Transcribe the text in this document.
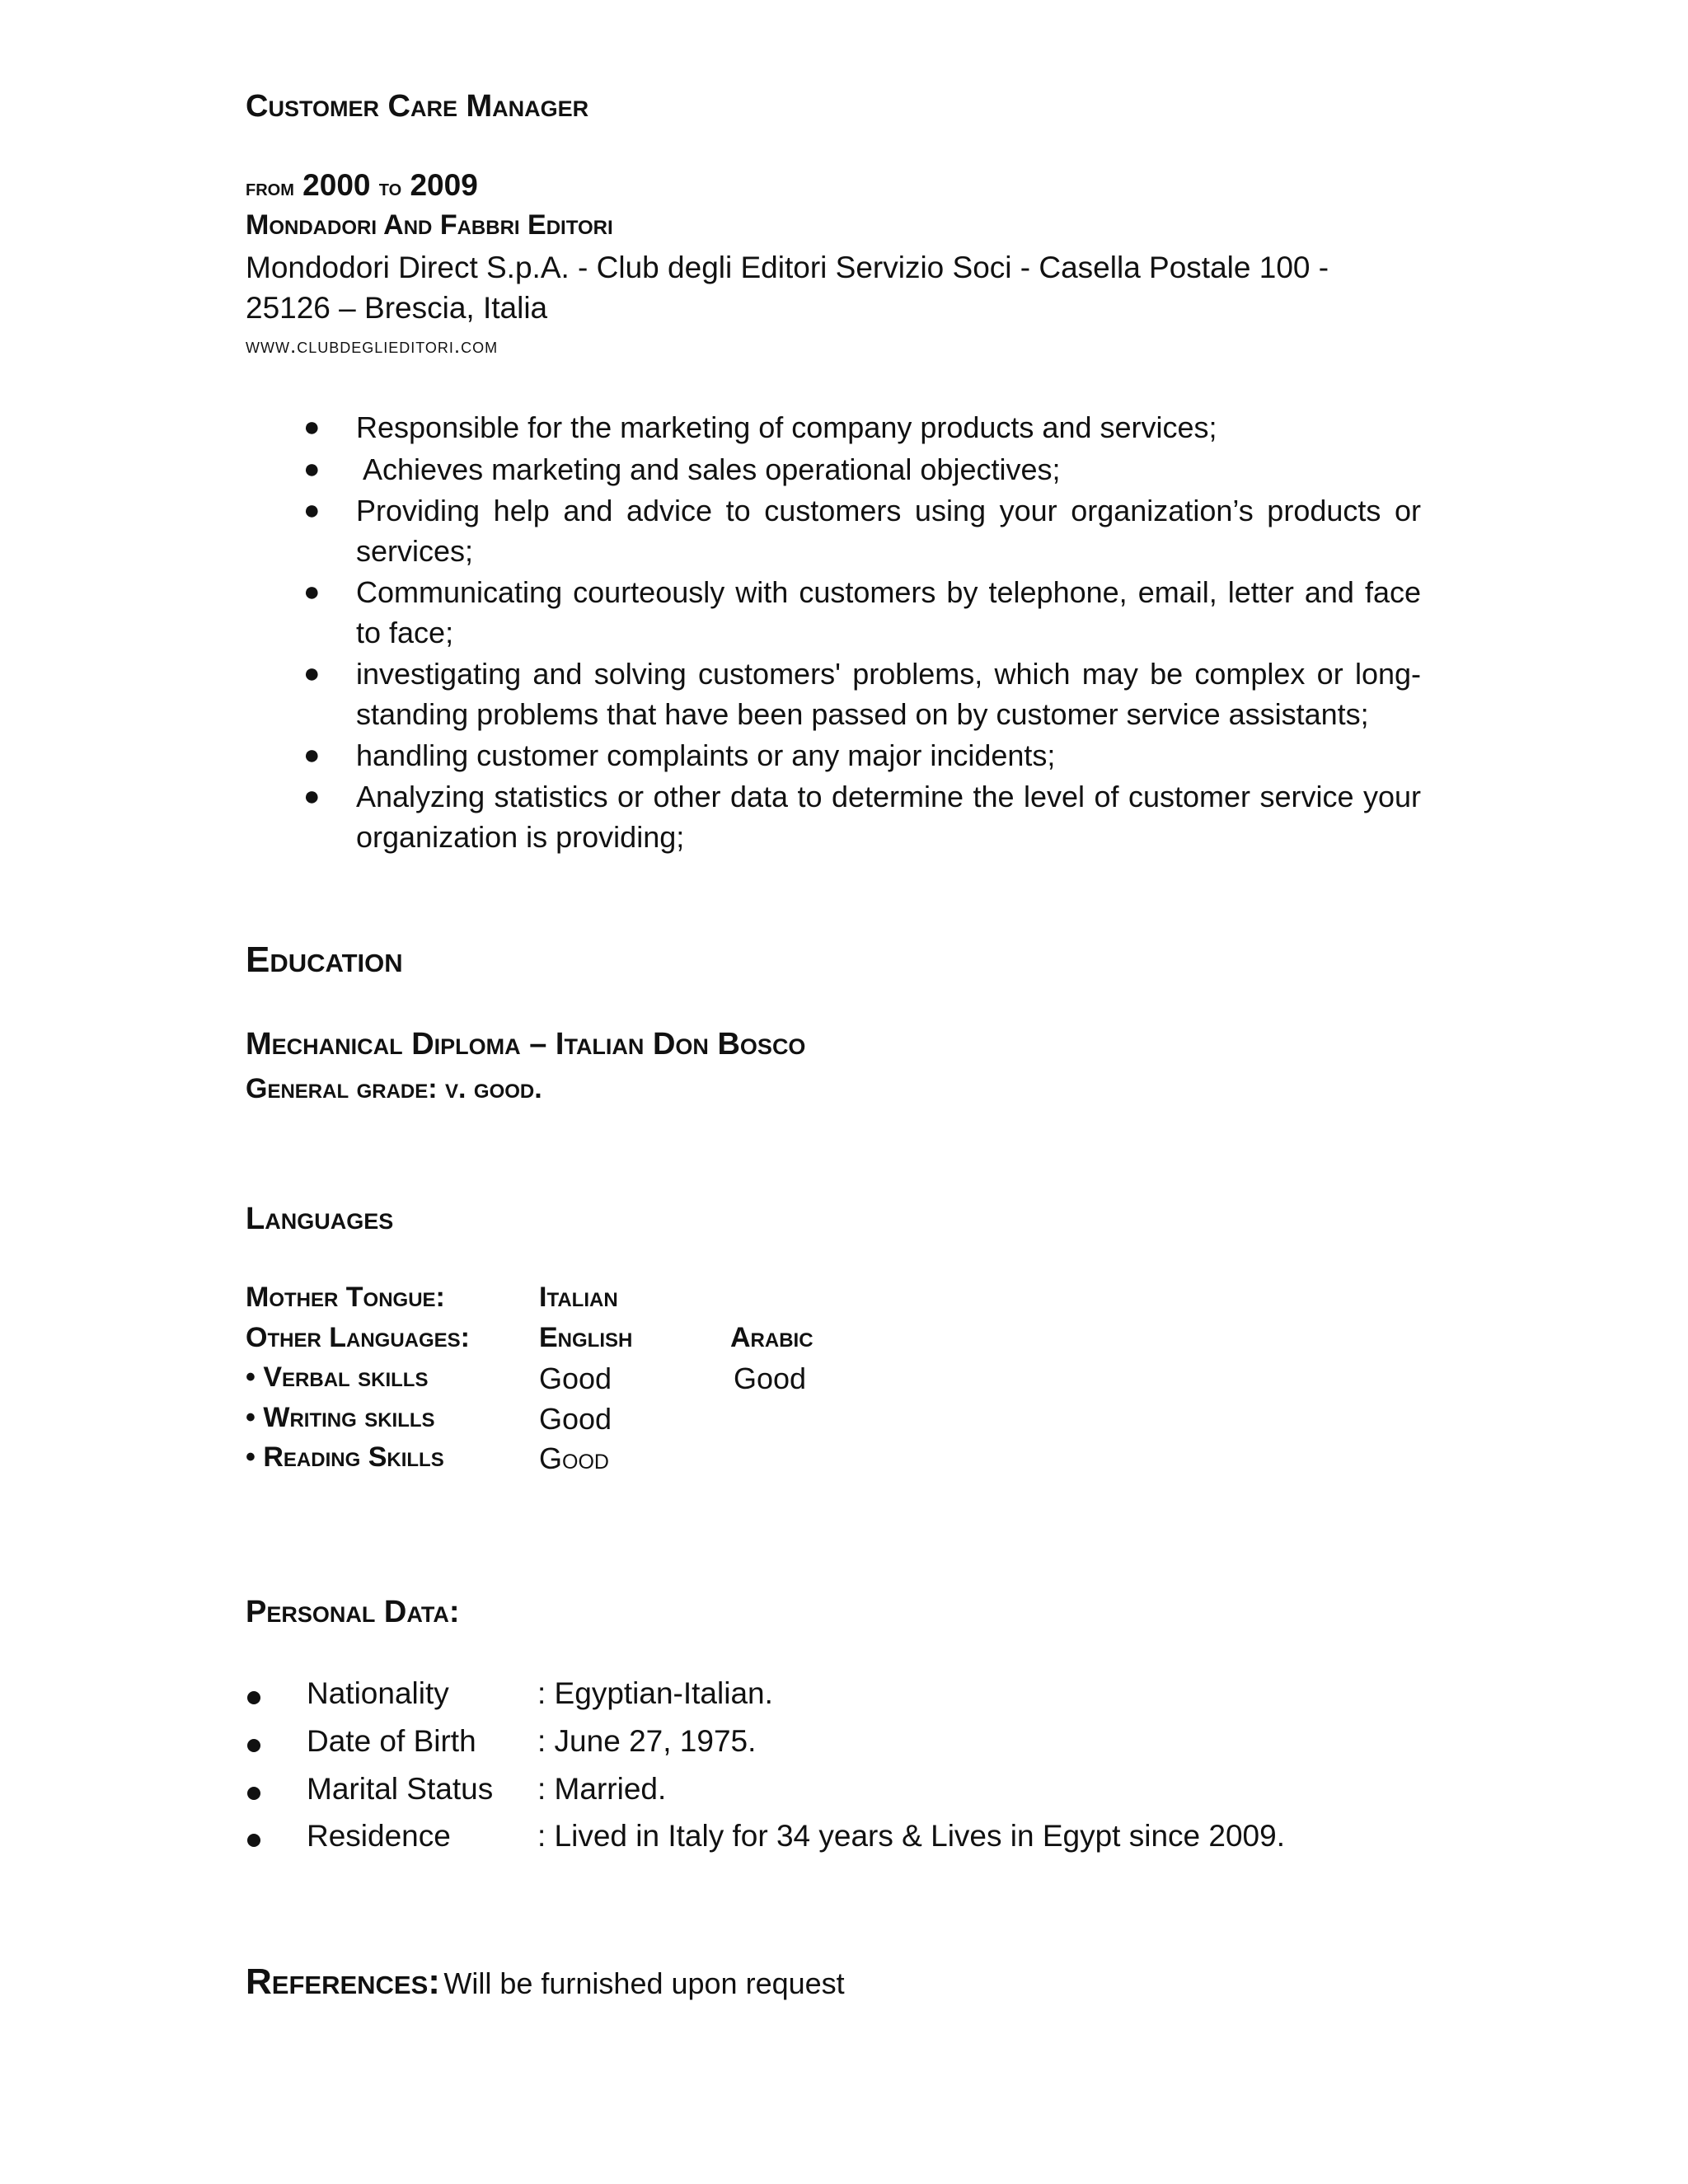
Customer Care Manager
from 2000 to 2009
Mondadori And Fabbri Editori
Mondodori Direct S.p.A. - Club degli Editori Servizio Soci - Casella Postale 100 - 25126 – Brescia, Italia
www.clubdeglieditori.com
● Responsible for the marketing of company products and services;
● Achieves marketing and sales operational objectives;
● Providing help and advice to customers using your organization’s products or services;
● Communicating courteously with customers by telephone, email, letter and face to face;
● investigating and solving customers' problems, which may be complex or long-standing problems that have been passed on by customer service assistants;
● handling customer complaints or any major incidents;
● Analyzing statistics or other data to determine the level of customer service your organization is providing;
Education
Mechanical Diploma – Italian Don Bosco
General grade: v. good.
Languages
Mother Tongue:	Italian
Other Languages: English	Arabic
• Verbal skills	Good	Good
• Writing skills	Good
• Reading Skills	Good
Personal Data:
Nationality	: Egyptian-Italian.
Date of Birth : June 27, 1975.
Marital Status : Married.
Residence	: Lived in Italy for 34 years & Lives in Egypt since 2009.
References: Will be furnished upon request
